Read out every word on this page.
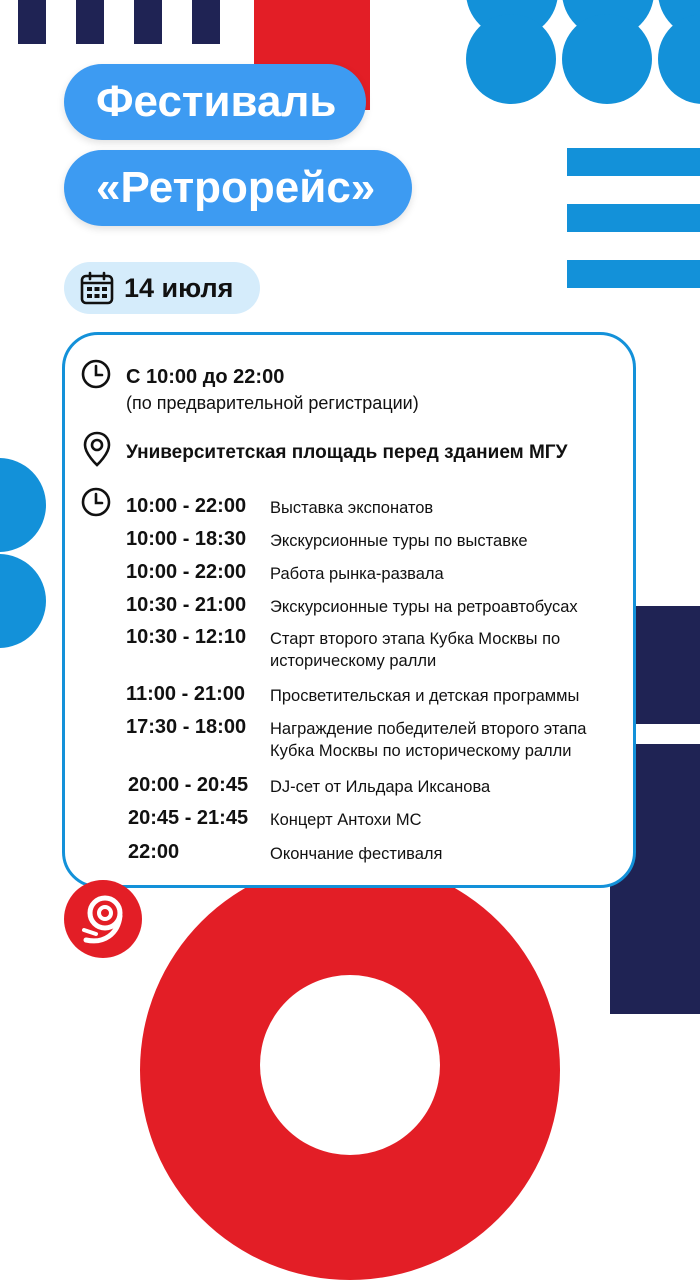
Фестиваль
«Ретрорейс»
14 июля
С 10:00 до 22:00
(по предварительной регистрации)
Университетская площадь перед зданием МГУ
10:00 - 22:00 Выставка экспонатов
10:00 - 18:30 Экскурсионные туры по выставке
10:00 - 22:00 Работа рынка-развала
10:30 - 21:00 Экскурсионные туры на ретроавтобусах
10:30 - 12:10 Старт второго этапа Кубка Москвы по
историческому ралли
11:00 - 21:00 Просветительская и детская программы
17:30 - 18:00 Награждение победителей второго этапа
Кубка Москвы по историческому ралли
20:00 - 20:45 DJ-сет от Ильдара Иксанова
20:45 - 21:45 Концерт Антохи МС
22:00	Окончание фестиваля
